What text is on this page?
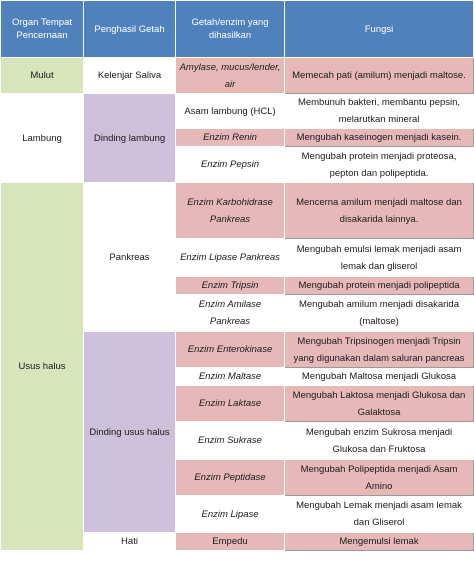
Organ Tempat Pencernaan	Penghasil Getah	Getah/enzim yang dihasilkan	Fungsi
Mulut	Kelenjar Saliva	Amylase, mucus/lender, air	Memecah pati (amilum) menjadi maltose.
Lambung	Dinding lambung	Asam lambung (HCL)	Membunuh bakteri, membantu pepsin, melarutkan mineral
		Enzim Renin	Mengubah kaseinogen menjadi kasein.
		Enzim Pepsin	Mengubah protein menjadi proteosa, pepton dan polipeptida.
Usus halus	Pankreas	Enzim Karbohidrase Pankreas	Mencerna amilum menjadi maltose dan disakarida lainnya.
		Enzim Lipase Pankreas	Mengubah emulsi lemak menjadi asam lemak dan gliserol
		Enzim Tripsin	Mengubah protein menjadi polipeptida
		Enzim Amilase Pankreas	Mengubah amilum menjadi disakarida (maltose)
	Dinding usus halus	Enzim Enterokinase	Mengubah Tripsinogen menjadi Tripsin yang digunakan dalam saluran pancreas
		Enzim Maltase	Mengubah Maltosa menjadi Glukosa
		Enzim Laktase	Mengubah Laktosa menjadi Glukosa dan Galaktosa
		Enzim Sukrase	Mengubah enzim Sukrosa menjadi Glukosa dan Fruktosa
		Enzim Peptidase	Mengubah Polipeptida menjadi Asam Amino
		Enzim Lipase	Mengubah Lemak menjadi asam lemak dan Gliserol
	Hati	Empedu	Mengemulsi lemak
